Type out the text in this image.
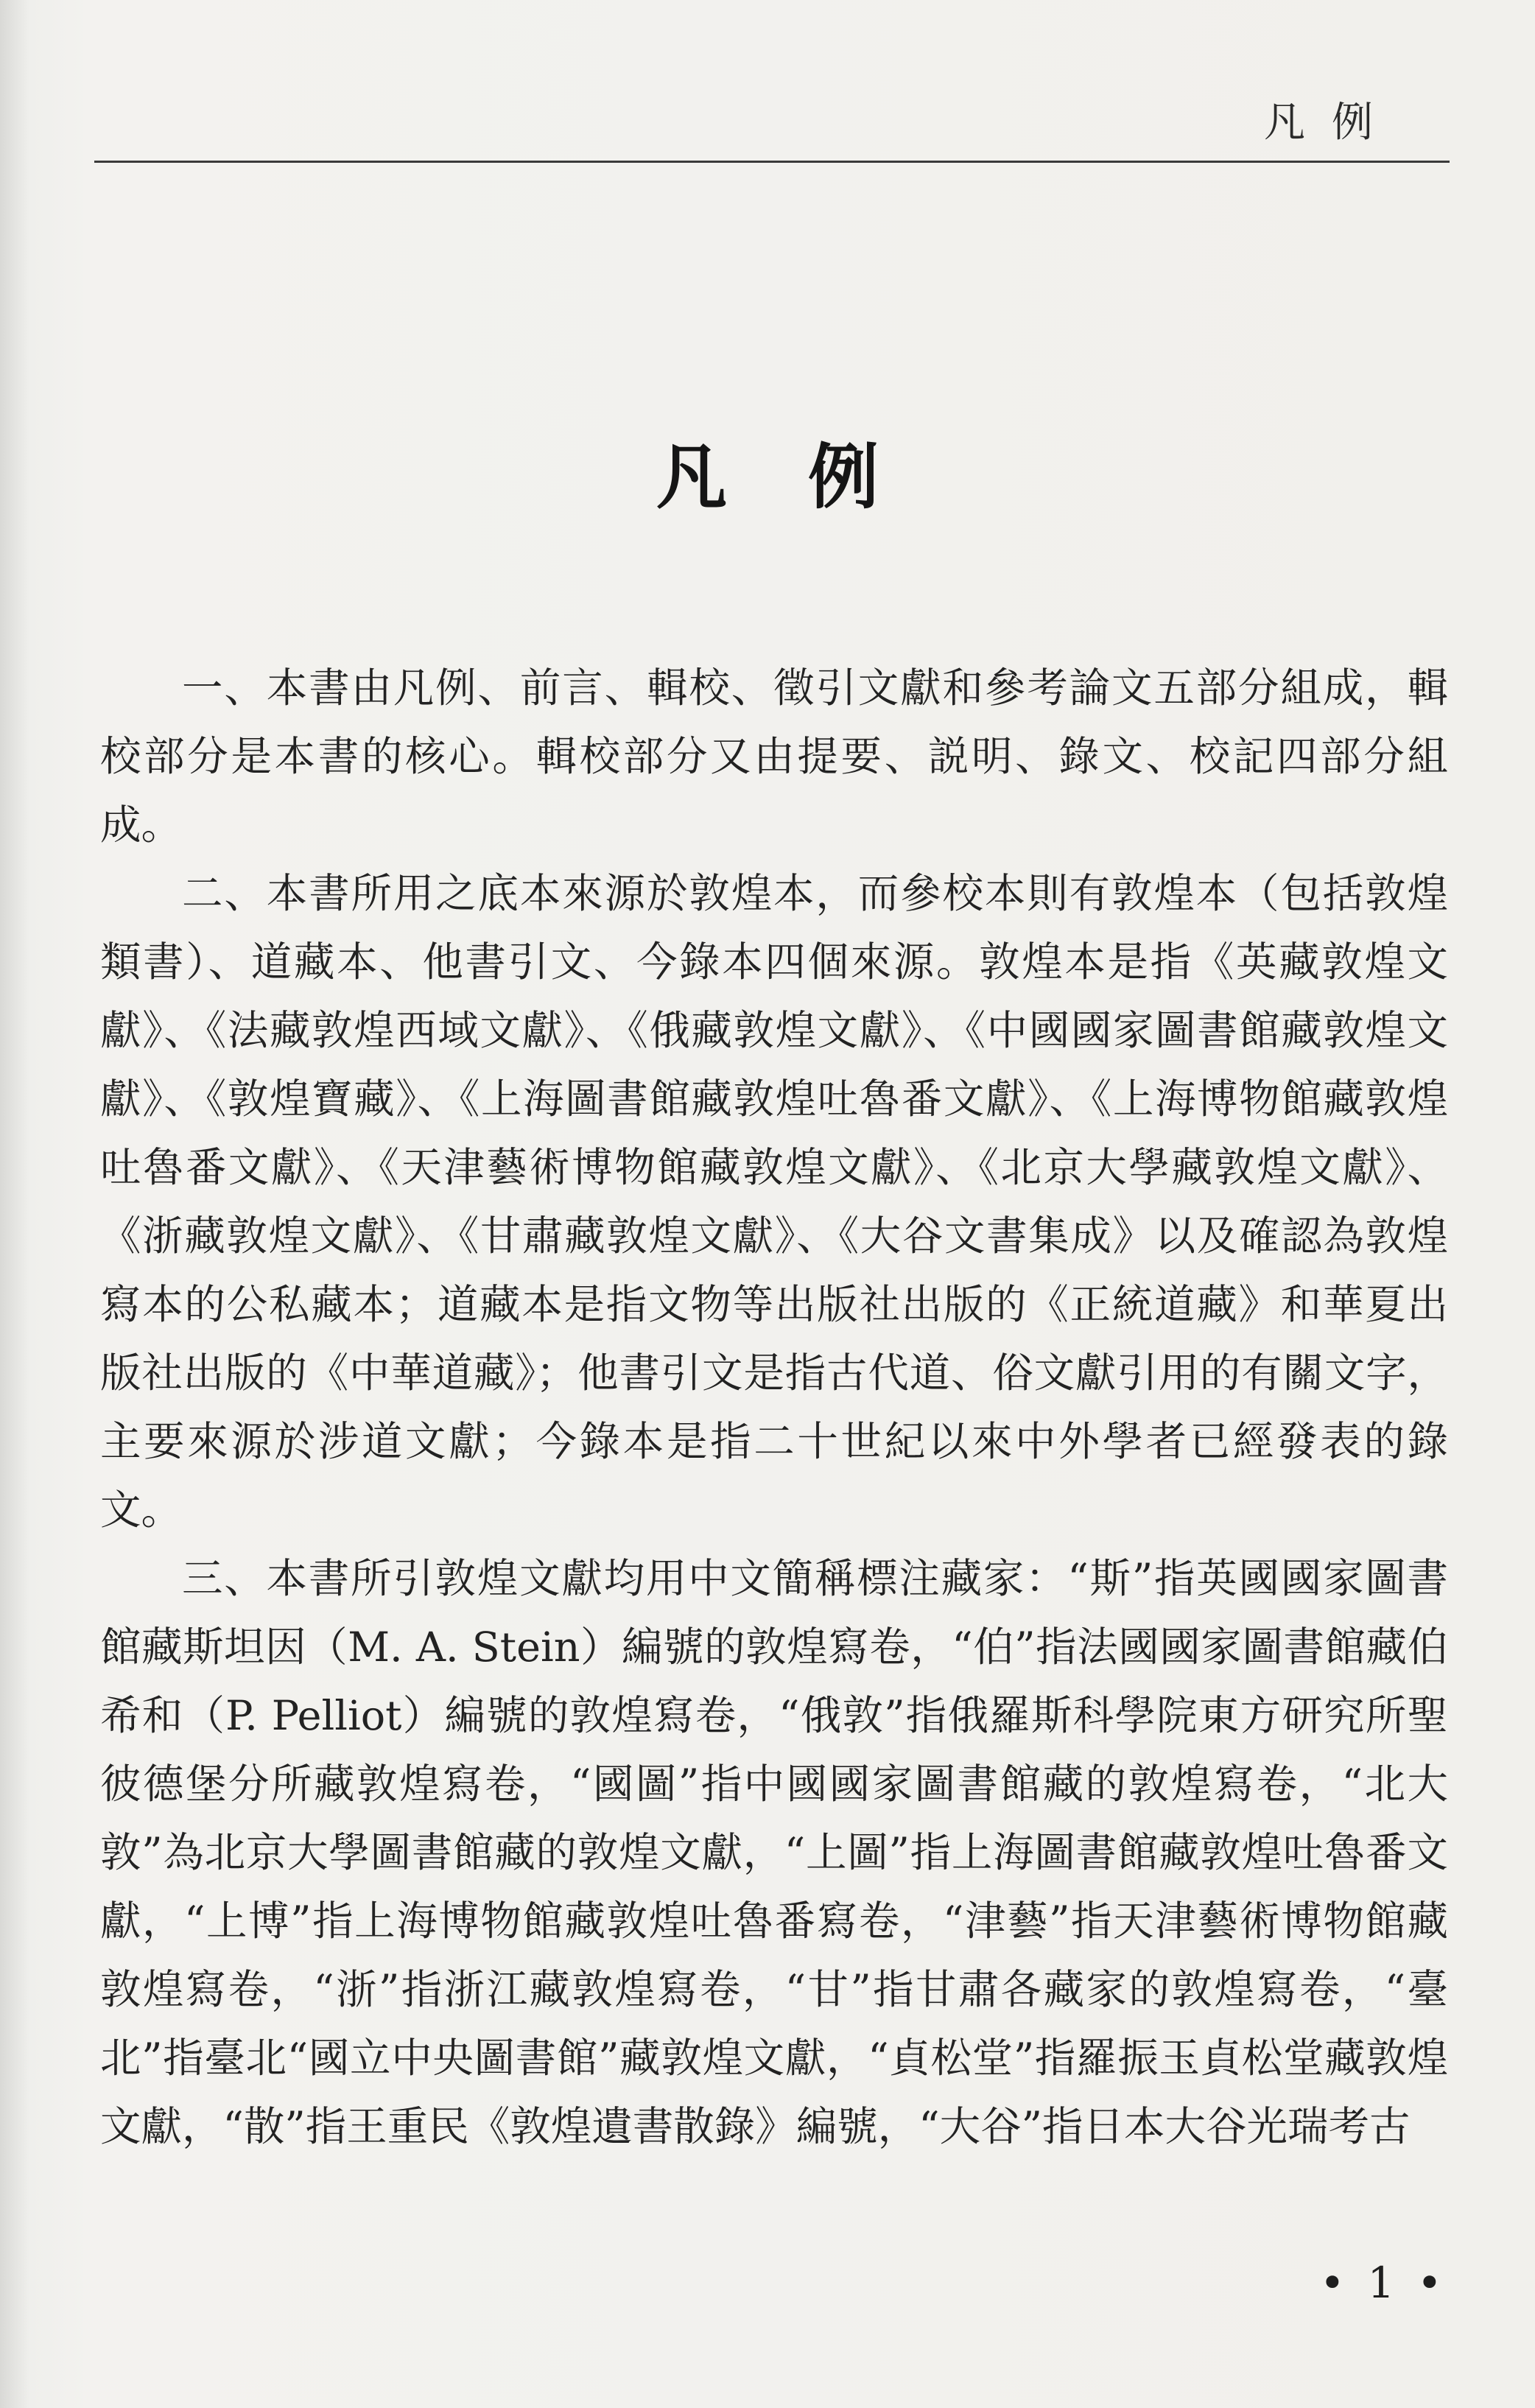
凡例
凡例

一、本書由凡例、前言、輯校、徵引文獻和參考論文五部分組成，輯校部分是本書的核心。輯校部分又由提要、説明、錄文、校記四部分組成。

二、本書所用之底本來源於敦煌本，而參校本則有敦煌本（包括敦煌類書）、道藏本、他書引文、今錄本四個來源。敦煌本是指《英藏敦煌文獻》、《法藏敦煌西域文獻》、《俄藏敦煌文獻》、《中國國家圖書館藏敦煌文獻》、《敦煌寶藏》、《上海圖書館藏敦煌吐魯番文獻》、《上海博物館藏敦煌吐魯番文獻》、《天津藝術博物館藏敦煌文獻》、《北京大學藏敦煌文獻》、《浙藏敦煌文獻》、《甘肅藏敦煌文獻》、《大谷文書集成》以及確認為敦煌寫本的公私藏本；道藏本是指文物等出版社出版的《正統道藏》和華夏出版社出版的《中華道藏》；他書引文是指古代道、俗文獻引用的有關文字，主要來源於涉道文獻；今錄本是指二十世紀以來中外學者已經發表的錄文。

三、本書所引敦煌文獻均用中文簡稱標注藏家：“斯”指英國國家圖書館藏斯坦因（M. A. Stein）編號的敦煌寫卷，“伯”指法國國家圖書館藏伯希和（P. Pelliot）編號的敦煌寫卷，“俄敦”指俄羅斯科學院東方研究所聖彼德堡分所藏敦煌寫卷，“國圖”指中國國家圖書館藏的敦煌寫卷，“北大敦”為北京大學圖書館藏的敦煌文獻，“上圖”指上海圖書館藏敦煌吐魯番文獻，“上博”指上海博物館藏敦煌吐魯番寫卷，“津藝”指天津藝術博物館藏敦煌寫卷，“浙”指浙江藏敦煌寫卷，“甘”指甘肅各藏家的敦煌寫卷，“臺北”指臺北“國立中央圖書館”藏敦煌文獻，“貞松堂”指羅振玉貞松堂藏敦煌文獻，“散”指王重民《敦煌遺書散錄》編號，“大谷”指日本大谷光瑞考古

• 1 •
